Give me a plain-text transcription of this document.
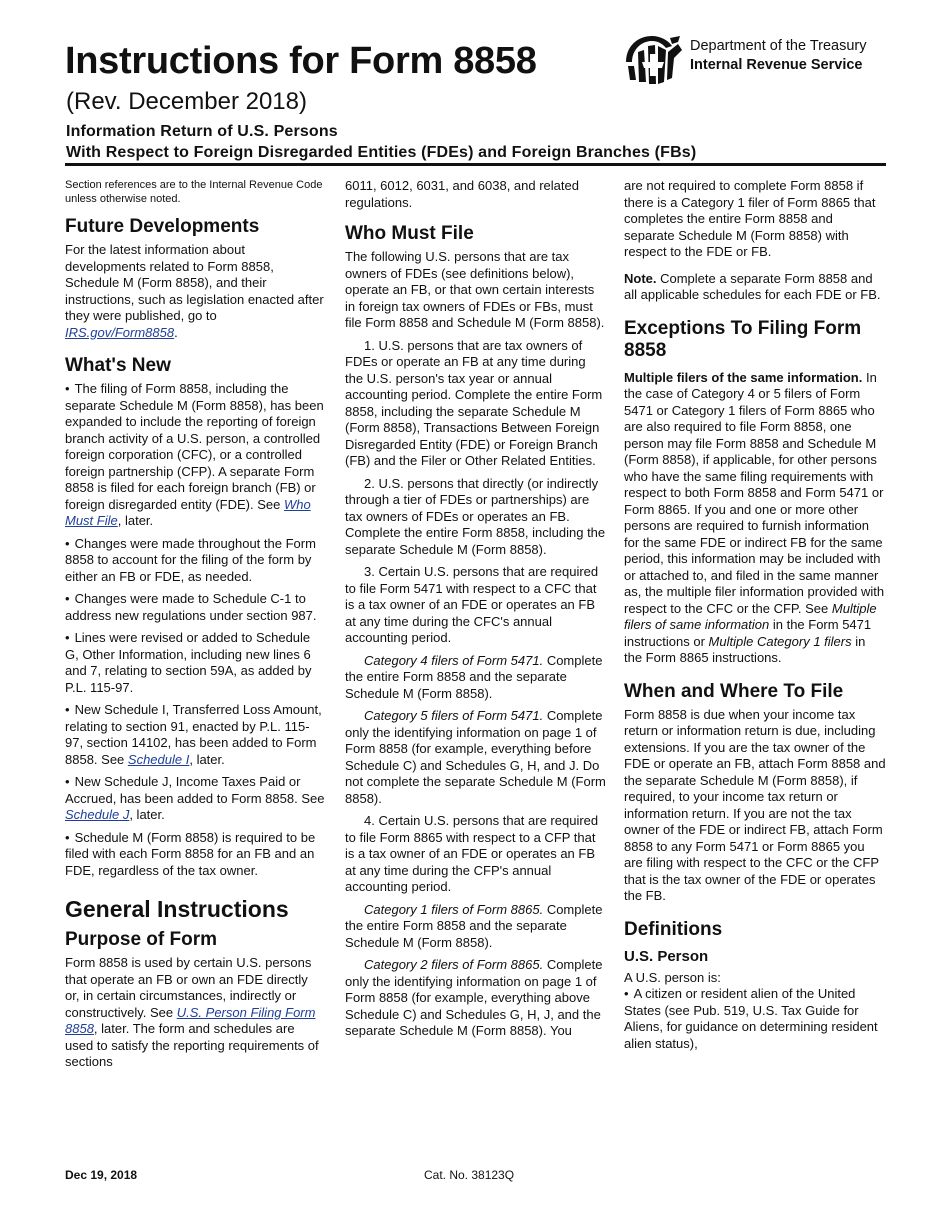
Instructions for Form 8858
(Rev. December 2018)
Information Return of U.S. Persons
With Respect to Foreign Disregarded Entities (FDEs) and Foreign Branches (FBs)
Department of the Treasury
Internal Revenue Service

Section references are to the Internal Revenue Code unless otherwise noted.

Future Developments

For the latest information about developments related to Form 8858, Schedule M (Form 8858), and their instructions, such as legislation enacted after they were published, go to IRS.gov/Form8858.

What's New

• The filing of Form 8858, including the separate Schedule M (Form 8858), has been expanded to include the reporting of foreign branch activity of a U.S. person, a controlled foreign corporation (CFC), or a controlled foreign partnership (CFP). A separate Form 8858 is filed for each foreign branch (FB) or foreign disregarded entity (FDE). See Who Must File, later.

• Changes were made throughout the Form 8858 to account for the filing of the form by either an FB or FDE, as needed.

• Changes were made to Schedule C-1 to address new regulations under section 987.

• Lines were revised or added to Schedule G, Other Information, including new lines 6 and 7, relating to section 59A, as added by P.L. 115-97.

• New Schedule I, Transferred Loss Amount, relating to section 91, enacted by P.L. 115-97, section 14102, has been added to Form 8858. See Schedule I, later.

• New Schedule J, Income Taxes Paid or Accrued, has been added to Form 8858. See Schedule J, later.

• Schedule M (Form 8858) is required to be filed with each Form 8858 for an FB and an FDE, regardless of the tax owner.

General Instructions
Purpose of Form

Form 8858 is used by certain U.S. persons that operate an FB or own an FDE directly or, in certain circumstances, indirectly or constructively. See U.S. Person Filing Form 8858, later. The form and schedules are used to satisfy the reporting requirements of sections

6011, 6012, 6031, and 6038, and related regulations.

Who Must File

The following U.S. persons that are tax owners of FDEs (see definitions below), operate an FB, or that own certain interests in foreign tax owners of FDEs or FBs, must file Form 8858 and Schedule M (Form 8858).

1. U.S. persons that are tax owners of FDEs or operate an FB at any time during the U.S. person's tax year or annual accounting period. Complete the entire Form 8858, including the separate Schedule M (Form 8858), Transactions Between Foreign Disregarded Entity (FDE) or Foreign Branch (FB) and the Filer or Other Related Entities.

2. U.S. persons that directly (or indirectly through a tier of FDEs or partnerships) are tax owners of FDEs or operates an FB. Complete the entire Form 8858, including the separate Schedule M (Form 8858).

3. Certain U.S. persons that are required to file Form 5471 with respect to a CFC that is a tax owner of an FDE or operates an FB at any time during the CFC's annual accounting period.

Category 4 filers of Form 5471. Complete the entire Form 8858 and the separate Schedule M (Form 8858).

Category 5 filers of Form 5471. Complete only the identifying information on page 1 of Form 8858 (for example, everything before Schedule C) and Schedules G, H, and J. Do not complete the separate Schedule M (Form 8858).

4. Certain U.S. persons that are required to file Form 8865 with respect to a CFP that is a tax owner of an FDE or operates an FB at any time during the CFP's annual accounting period.

Category 1 filers of Form 8865. Complete the entire Form 8858 and the separate Schedule M (Form 8858).

Category 2 filers of Form 8865. Complete only the identifying information on page 1 of Form 8858 (for example, everything above Schedule C) and Schedules G, H, J, and the separate Schedule M (Form 8858). You

are not required to complete Form 8858 if there is a Category 1 filer of Form 8865 that completes the entire Form 8858 and separate Schedule M (Form 8858) with respect to the FDE or FB.

Note. Complete a separate Form 8858 and all applicable schedules for each FDE or FB.

Exceptions To Filing Form 8858

Multiple filers of the same information. In the case of Category 4 or 5 filers of Form 5471 or Category 1 filers of Form 8865 who are also required to file Form 8858, one person may file Form 8858 and Schedule M (Form 8858), if applicable, for other persons who have the same filing requirements with respect to both Form 8858 and Form 5471 or Form 8865. If you and one or more other persons are required to furnish information for the same FDE or indirect FB for the same period, this information may be included with or attached to, and filed in the same manner as, the multiple filer information provided with respect to the CFC or the CFP. See Multiple filers of same information in the Form 5471 instructions or Multiple Category 1 filers in the Form 8865 instructions.

When and Where To File

Form 8858 is due when your income tax return or information return is due, including extensions. If you are the tax owner of the FDE or operate an FB, attach Form 8858 and the separate Schedule M (Form 8858), if required, to your income tax return or information return. If you are not the tax owner of the FDE or indirect FB, attach Form 8858 to any Form 5471 or Form 8865 you are filing with respect to the CFC or the CFP that is the tax owner of the FDE or operates the FB.

Definitions
U.S. Person

A U.S. person is:

• A citizen or resident alien of the United States (see Pub. 519, U.S. Tax Guide for Aliens, for guidance on determining resident alien status),

Dec 19, 2018	Cat. No. 38123Q
